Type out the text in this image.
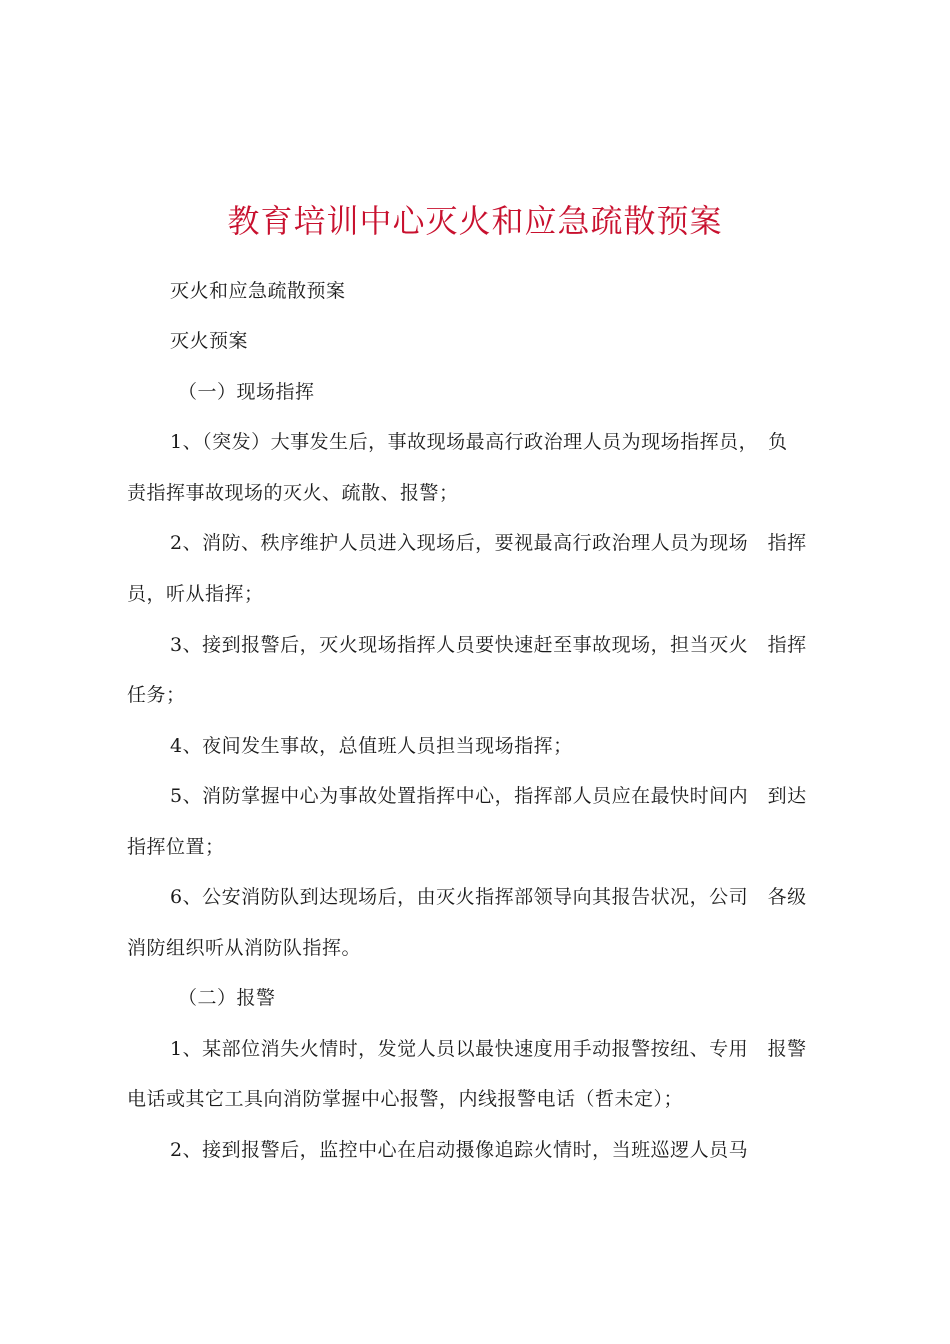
教育培训中心灭火和应急疏散预案
灭火和应急疏散预案
灭火预案
（一）现场指挥
1、（突发）大事发生后，事故现场最高行政治理人员为现场指挥员，　负
责指挥事故现场的灭火、疏散、报警；
2、消防、秩序维护人员进入现场后，要视最高行政治理人员为现场　指挥
员，听从指挥；
3、接到报警后，灭火现场指挥人员要快速赶至事故现场，担当灭火　指挥
任务；
4、夜间发生事故，总值班人员担当现场指挥；
5、消防掌握中心为事故处置指挥中心，指挥部人员应在最快时间内　到达
指挥位置；
6、公安消防队到达现场后，由灭火指挥部领导向其报告状况，公司　各级
消防组织听从消防队指挥。
（二）报警
1、某部位消失火情时，发觉人员以最快速度用手动报警按纽、专用　报警
电话或其它工具向消防掌握中心报警，内线报警电话（哲未定）；
2、接到报警后，监控中心在启动摄像追踪火情时，当班巡逻人员马
